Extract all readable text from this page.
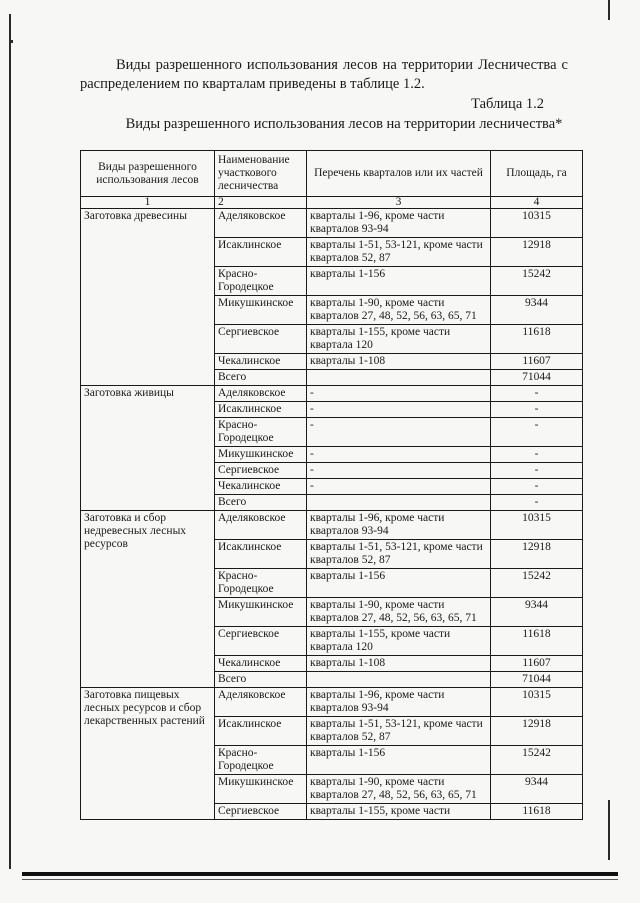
Виды разрешенного использования лесов на территории Лесничества с распределением по кварталам приведены в таблице 1.2.

Таблица 1.2
Виды разрешенного использования лесов на территории лесничества*
Виды разрешенного использования лесов	Наименование участкового лесничества	Перечень кварталов или их частей	Площадь, га
1	2	3	4
Заготовка древесины	Аделяковское	кварталы 1-96, кроме части кварталов 93-94	10315
	Исаклинское	кварталы 1-51, 53-121, кроме части кварталов 52, 87	12918
	Красно-Городецкое	кварталы 1-156	15242
	Микушкинское	кварталы 1-90, кроме части кварталов 27, 48, 52, 56, 63, 65, 71	9344
	Сергиевское	кварталы 1-155, кроме части квартала 120	11618
	Чекалинское	кварталы 1-108	11607
	Всего		71044
Заготовка живицы	Аделяковское	-	-
	Исаклинское	-	-
	Красно-Городецкое	-	-
	Микушкинское	-	-
	Сергиевское	-	-
	Чекалинское	-	-
	Всего		-
Заготовка и сбор недревесных лесных ресурсов	Аделяковское	кварталы 1-96, кроме части кварталов 93-94	10315
	Исаклинское	кварталы 1-51, 53-121, кроме части кварталов 52, 87	12918
	Красно-Городецкое	кварталы 1-156	15242
	Микушкинское	кварталы 1-90, кроме части кварталов 27, 48, 52, 56, 63, 65, 71	9344
	Сергиевское	кварталы 1-155, кроме части квартала 120	11618
	Чекалинское	кварталы 1-108	11607
	Всего		71044
Заготовка пищевых лесных ресурсов и сбор лекарственных растений	Аделяковское	кварталы 1-96, кроме части кварталов 93-94	10315
	Исаклинское	кварталы 1-51, 53-121, кроме части кварталов 52, 87	12918
	Красно-Городецкое	кварталы 1-156	15242
	Микушкинское	кварталы 1-90, кроме части кварталов 27, 48, 52, 56, 63, 65, 71	9344
	Сергиевское	кварталы 1-155, кроме части	11618
